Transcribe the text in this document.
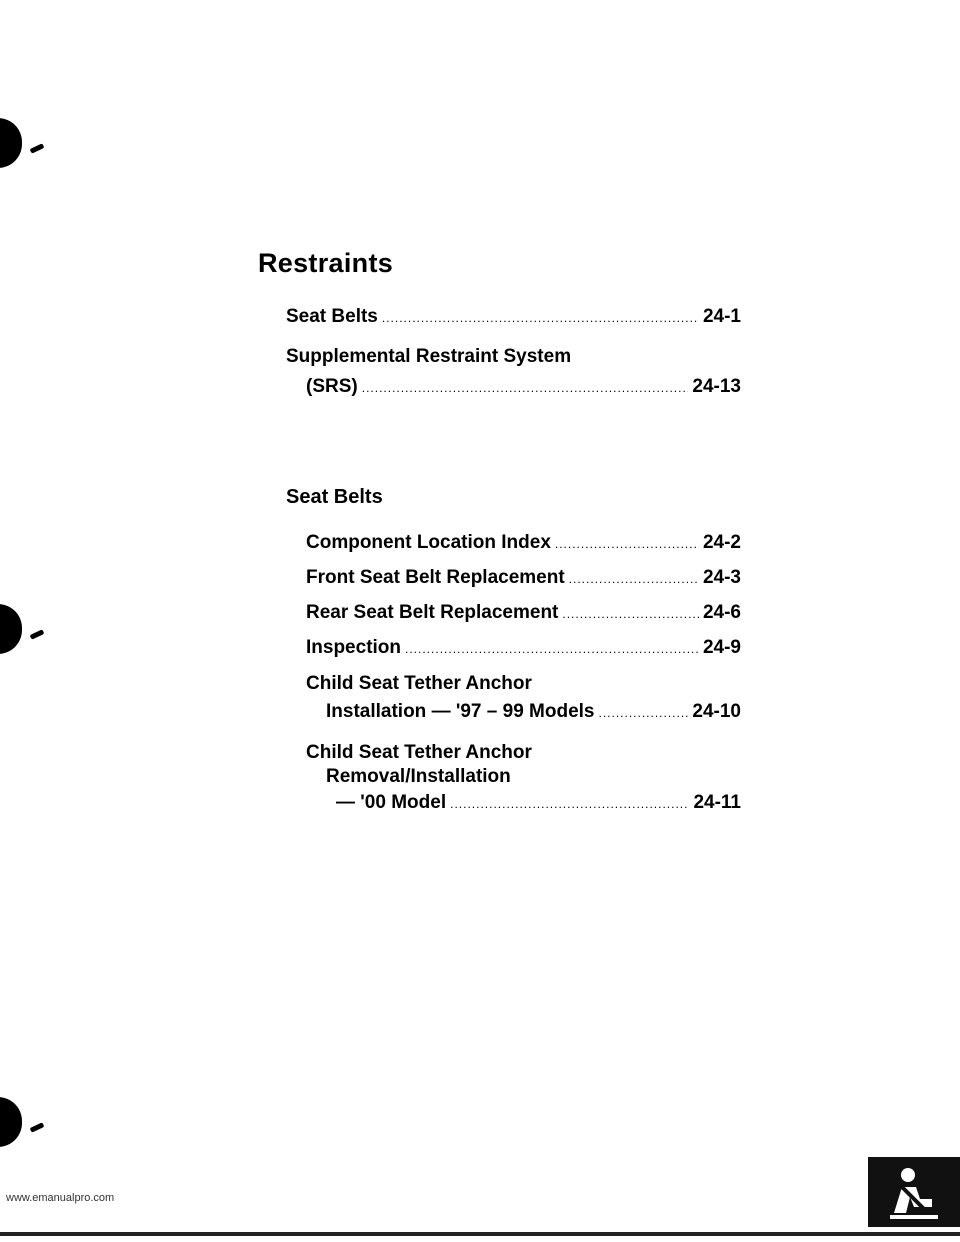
Restraints
Seat Belts .....	24-1
Supplemental Restraint System
(SRS) .....	24-13
Seat Belts
Component Location Index .....	24-2
Front Seat Belt Replacement .....	24-3
Rear Seat Belt Replacement .....	24-6
Inspection .....	24-9
Child Seat Tether Anchor
Installation — '97 – 99 Models .....	24-10
Child Seat Tether Anchor
Removal/Installation
— '00 Model .....	24-11
www.emanualpro.com
